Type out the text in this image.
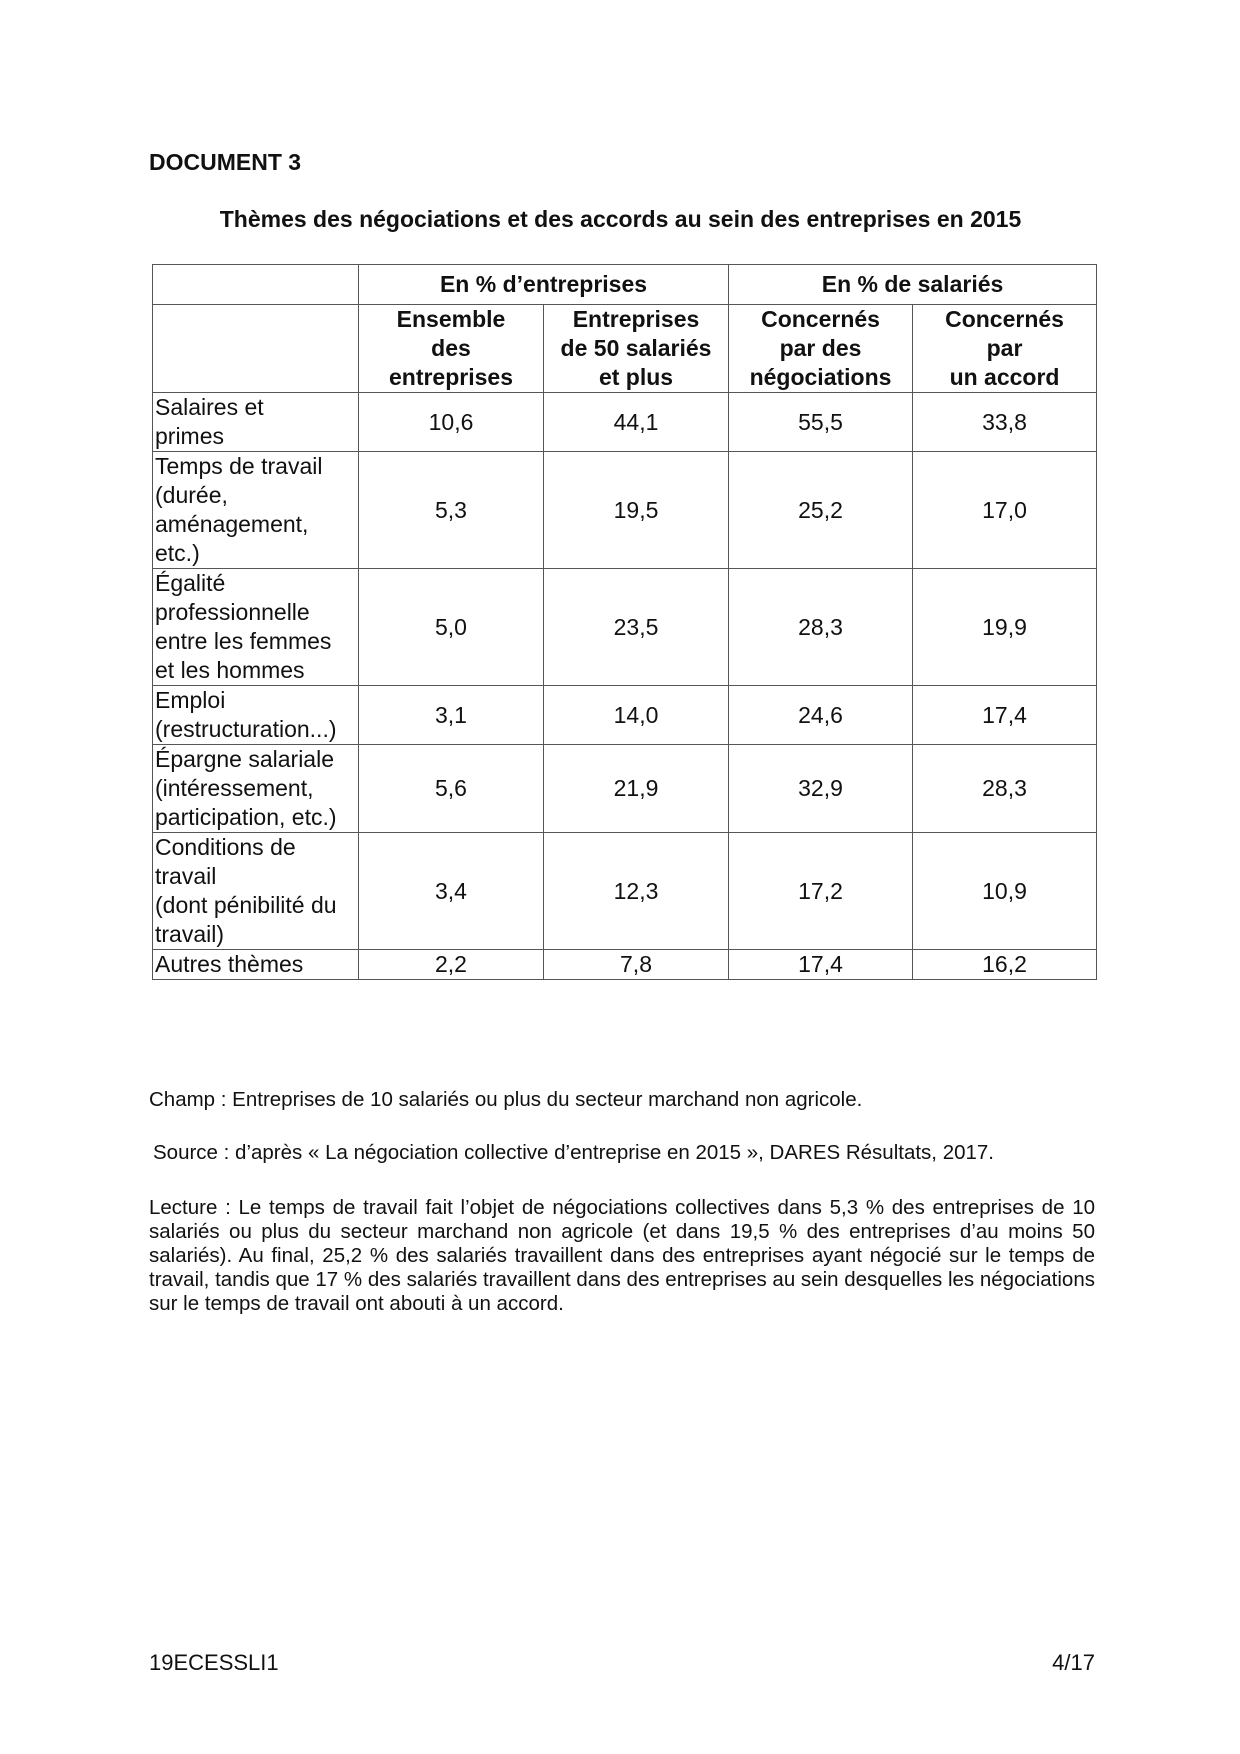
DOCUMENT 3
Thèmes des négociations et des accords au sein des entreprises en 2015
	En % d’entreprises		En % de salariés	
	Ensemble
des
entreprises	Entreprises
de 50 salariés
et plus	Concernés
par des
négociations	Concernés
par
un accord
Salaires et
primes	10,6	44,1	55,5	33,8
Temps de travail
(durée,
aménagement,
etc.)	5,3	19,5	25,2	17,0
Égalité
professionnelle
entre les femmes
et les hommes	5,0	23,5	28,3	19,9
Emploi
(restructuration...)	3,1	14,0	24,6	17,4
Épargne salariale
(intéressement,
participation, etc.)	5,6	21,9	32,9	28,3
Conditions de
travail
(dont pénibilité du
travail)	3,4	12,3	17,2	10,9
Autres thèmes	2,2	7,8	17,4	16,2
Champ : Entreprises de 10 salariés ou plus du secteur marchand non agricole.
Source : d’après « La négociation collective d’entreprise en 2015 », DARES Résultats, 2017.
Lecture : Le temps de travail fait l’objet de négociations collectives dans 5,3 % des entreprises de 10 salariés ou plus du secteur marchand non agricole (et dans 19,5 % des entreprises d’au moins 50 salariés). Au final, 25,2 % des salariés travaillent dans des entreprises ayant négocié sur le temps de travail, tandis que 17 % des salariés travaillent dans des entreprises au sein desquelles les négociations sur le temps de travail ont abouti à un accord.
19ECESSLI1	4/17
